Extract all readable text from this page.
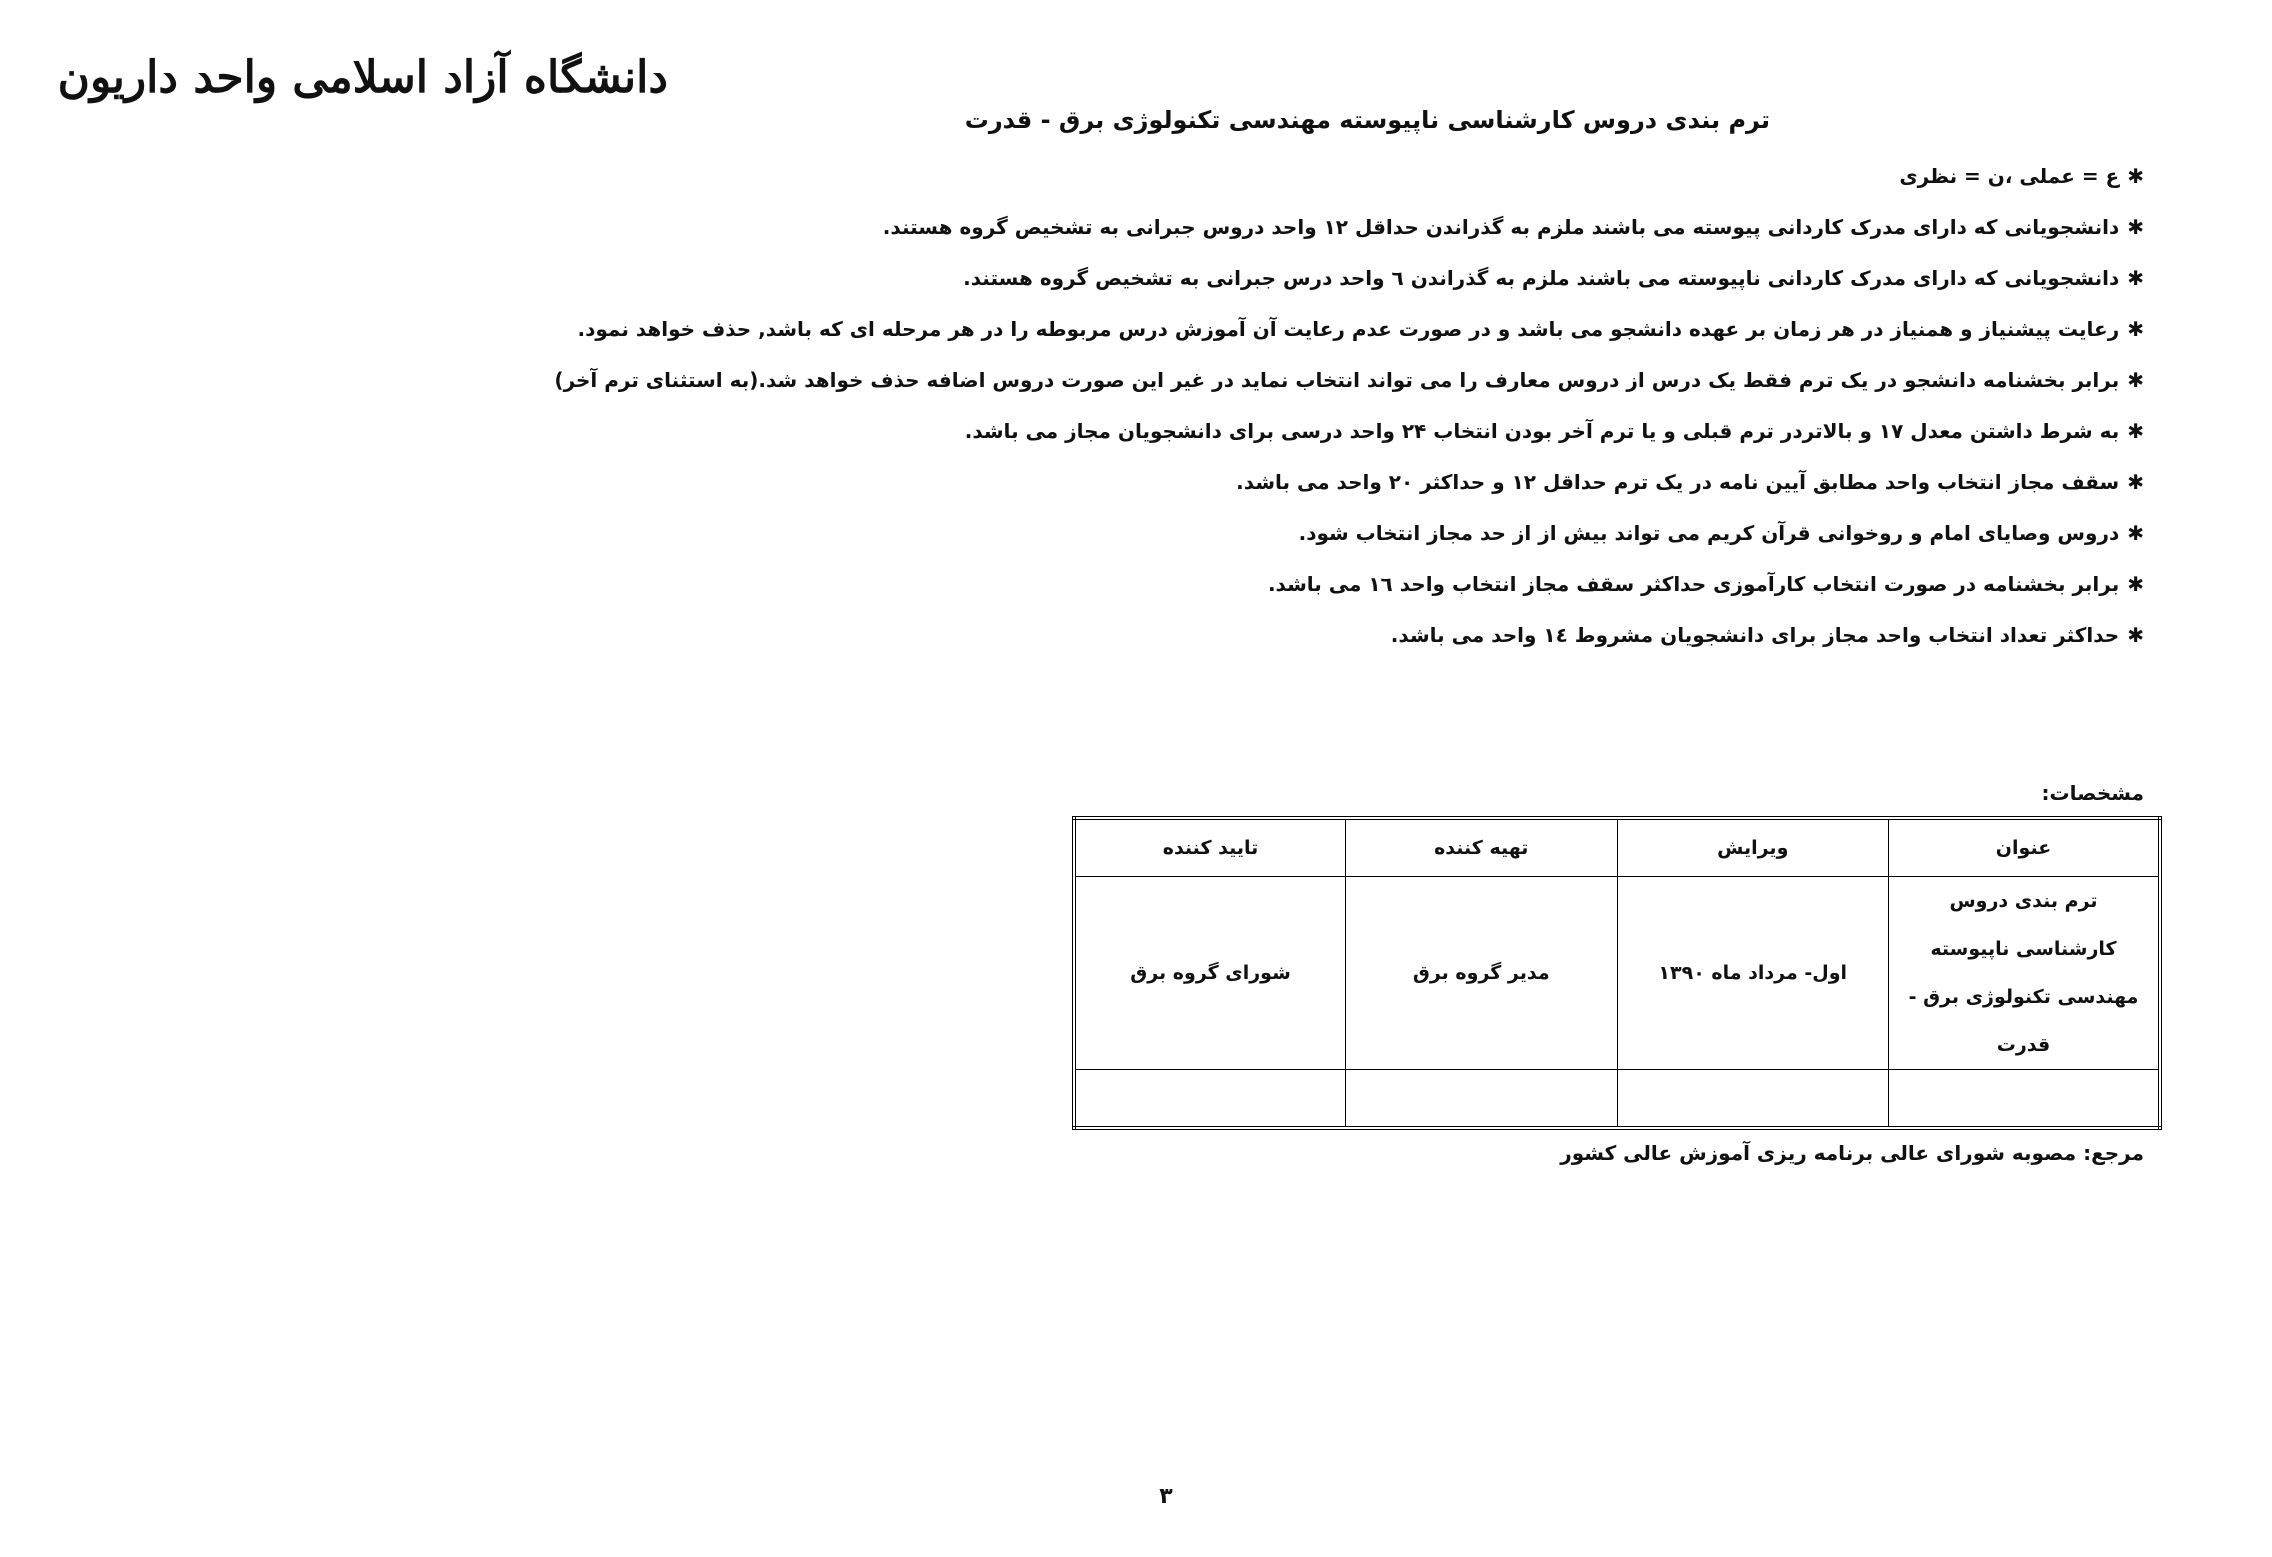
دانشگاه آزاد اسلامی واحد داریون
ترم بندی دروس کارشناسی ناپیوسته مهندسی تکنولوژی برق - قدرت
✱ع = عملی ،ن = نظری
✱دانشجویانی که دارای مدرک کاردانی پیوسته می باشند ملزم به گذراندن حداقل ۱۲ واحد دروس جبرانی به تشخیص گروه هستند.
✱دانشجویانی که دارای مدرک کاردانی ناپیوسته می باشند ملزم به گذراندن ٦ واحد درس جبرانی به تشخیص گروه هستند.
✱رعایت پیشنیاز و همنیاز در هر زمان بر عهده دانشجو می باشد و در صورت عدم رعایت آن آموزش درس مربوطه را در هر مرحله ای که باشد, حذف خواهد نمود.
✱برابر بخشنامه دانشجو در یک ترم فقط یک درس از دروس معارف را می تواند انتخاب نماید در غیر این صورت دروس اضافه حذف خواهد شد.(به استثنای ترم آخر)
✱به شرط داشتن معدل ۱۷ و بالاتردر ترم قبلی و یا ترم آخر بودن انتخاب ۲۴ واحد درسی برای دانشجویان مجاز می باشد.
✱سقف مجاز انتخاب واحد مطابق آیین نامه در یک ترم حداقل ۱۲ و حداکثر ۲۰ واحد می باشد.
✱دروس وصایای امام و روخوانی قرآن کریم می تواند بیش از از حد مجاز انتخاب شود.
✱برابر بخشنامه در صورت انتخاب کارآموزی حداکثر سقف مجاز انتخاب واحد ١٦ می باشد.
✱حداکثر تعداد انتخاب واحد مجاز برای دانشجویان مشروط ١٤ واحد می باشد.
مشخصات:
عنوان	ویرایش	تهیه کننده	تایید کننده
ترم بندی دروس کارشناسی ناپیوسته مهندسی تکنولوژی برق - قدرت	اول- مرداد ماه ۱۳۹۰	مدیر گروه برق	شورای گروه برق

مرجع: مصوبه شورای عالی برنامه ریزی آموزش عالی کشور
٣
